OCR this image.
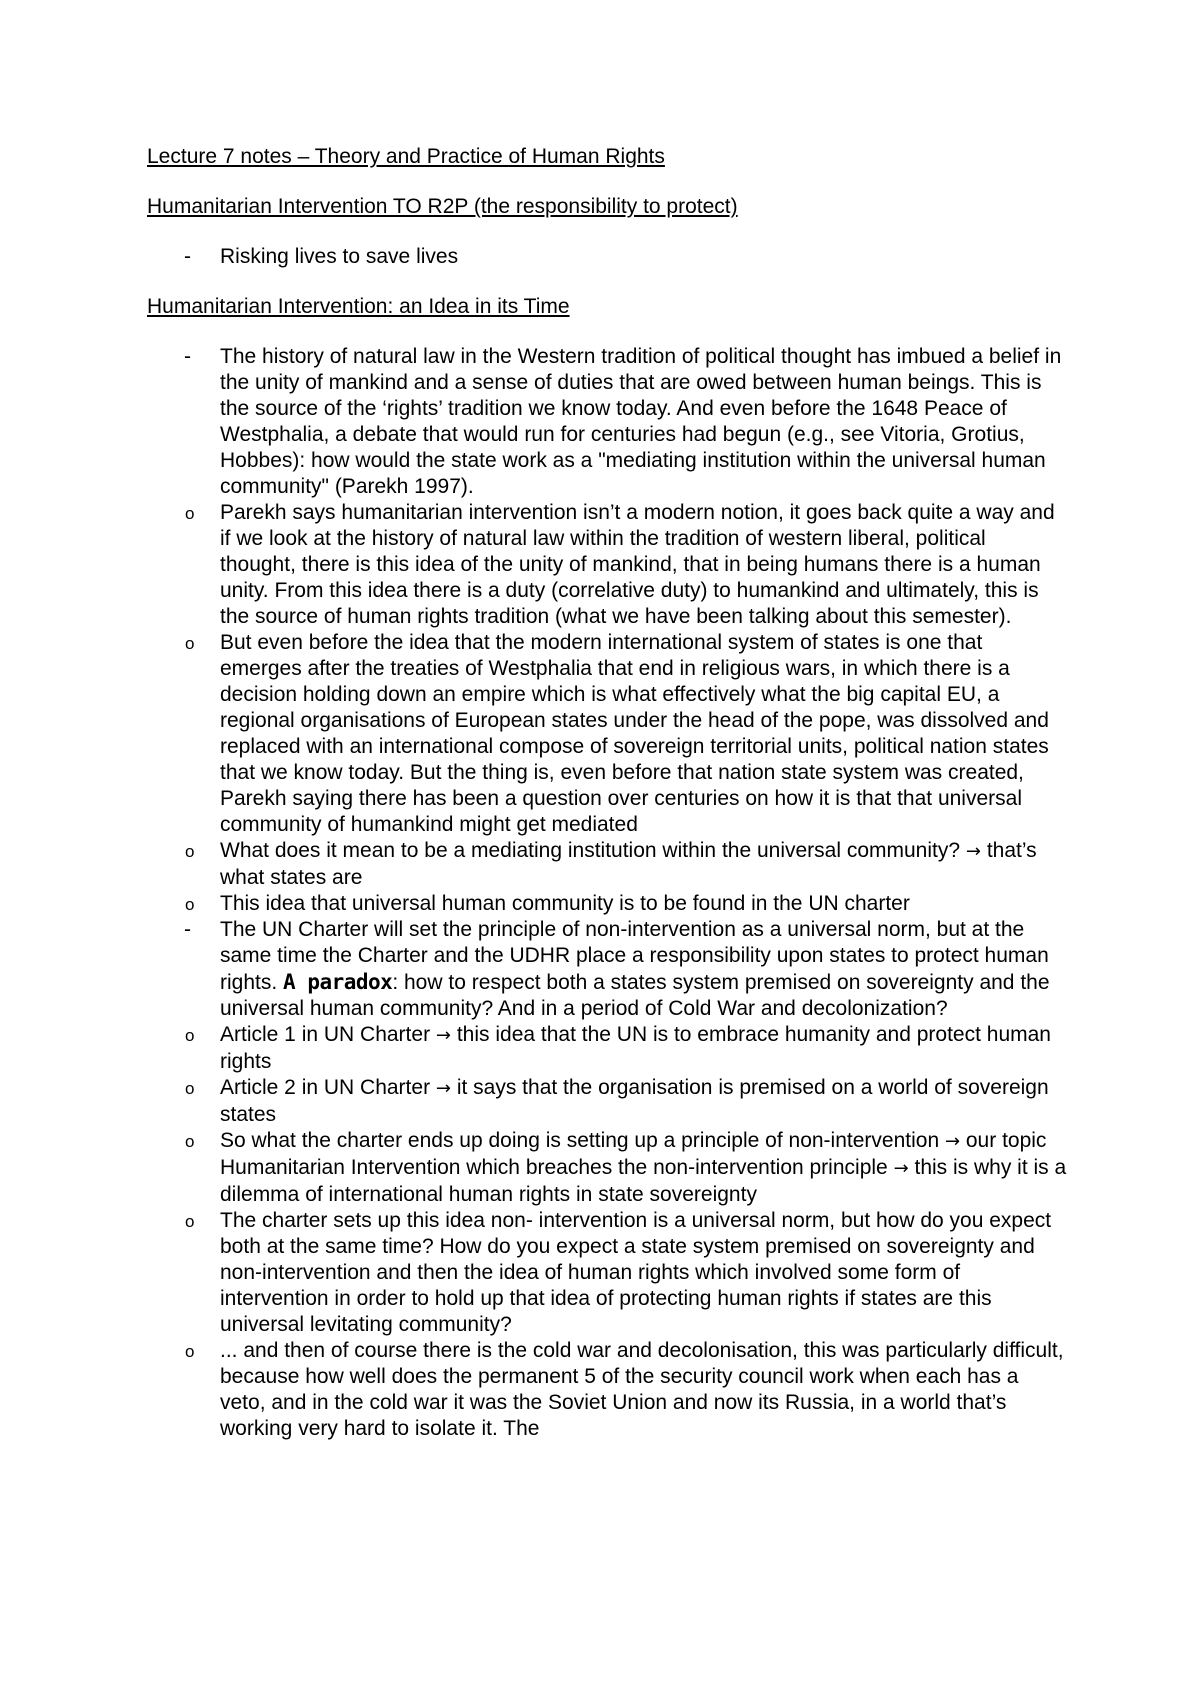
Lecture 7 notes – Theory and Practice of Human Rights

Humanitarian Intervention TO R2P (the responsibility to protect)

- Risking lives to save lives

Humanitarian Intervention: an Idea in its Time

- The history of natural law in the Western tradition of political thought has imbued a belief in the unity of mankind and a sense of duties that are owed between human beings. This is the source of the ‘rights’ tradition we know today. And even before the 1648 Peace of Westphalia, a debate that would run for centuries had begun (e.g., see Vitoria, Grotius, Hobbes): how would the state work as a "mediating institution within the universal human community" (Parekh 1997).
o Parekh says humanitarian intervention isn’t a modern notion, it goes back quite a way and if we look at the history of natural law within the tradition of western liberal, political thought, there is this idea of the unity of mankind, that in being humans there is a human unity. From this idea there is a duty (correlative duty) to humankind and ultimately, this is the source of human rights tradition (what we have been talking about this semester).
o But even before the idea that the modern international system of states is one that emerges after the treaties of Westphalia that end in religious wars, in which there is a decision holding down an empire which is what effectively what the big capital EU, a regional organisations of European states under the head of the pope, was dissolved and replaced with an international compose of sovereign territorial units, political nation states that we know today. But the thing is, even before that nation state system was created, Parekh saying there has been a question over centuries on how it is that that universal community of humankind might get mediated
o What does it mean to be a mediating institution within the universal community? → that’s what states are
o This idea that universal human community is to be found in the UN charter
- The UN Charter will set the principle of non-intervention as a universal norm, but at the same time the Charter and the UDHR place a responsibility upon states to protect human rights. A paradox: how to respect both a states system premised on sovereignty and the universal human community? And in a period of Cold War and decolonization?
o Article 1 in UN Charter → this idea that the UN is to embrace humanity and protect human rights
o Article 2 in UN Charter → it says that the organisation is premised on a world of sovereign states
o So what the charter ends up doing is setting up a principle of non-intervention → our topic Humanitarian Intervention which breaches the non-intervention principle → this is why it is a dilemma of international human rights in state sovereignty
o The charter sets up this idea non- intervention is a universal norm, but how do you expect both at the same time? How do you expect a state system premised on sovereignty and non-intervention and then the idea of human rights which involved some form of intervention in order to hold up that idea of protecting human rights if states are this universal levitating community?
o ... and then of course there is the cold war and decolonisation, this was particularly difficult, because how well does the permanent 5 of the security council work when each has a veto, and in the cold war it was the Soviet Union and now its Russia, in a world that’s working very hard to isolate it. The
